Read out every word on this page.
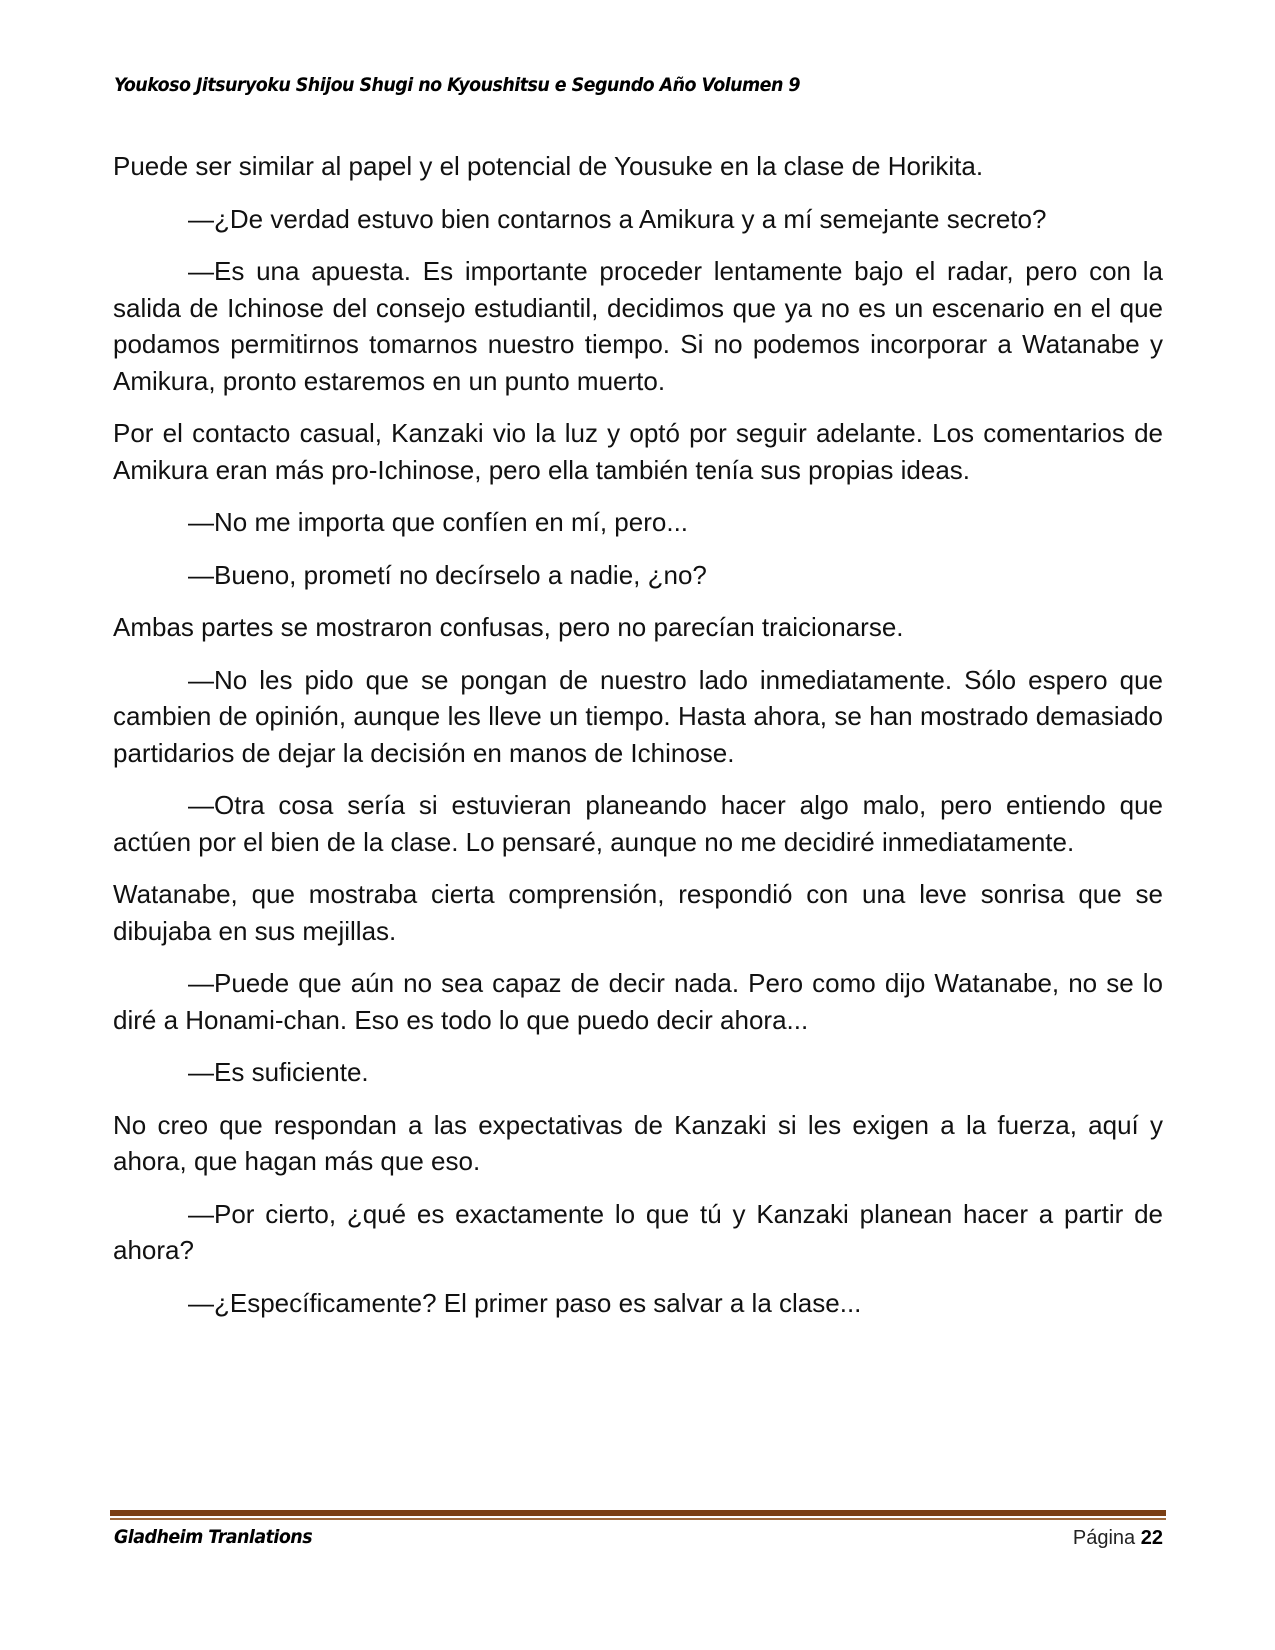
Youkoso Jitsuryoku Shijou Shugi no Kyoushitsu e Segundo Año Volumen 9

Puede ser similar al papel y el potencial de Yousuke en la clase de Horikita.

—¿De verdad estuvo bien contarnos a Amikura y a mí semejante secreto?

—Es una apuesta. Es importante proceder lentamente bajo el radar, pero con la salida de Ichinose del consejo estudiantil, decidimos que ya no es un escenario en el que podamos permitirnos tomarnos nuestro tiempo. Si no podemos incorporar a Watanabe y Amikura, pronto estaremos en un punto muerto.

Por el contacto casual, Kanzaki vio la luz y optó por seguir adelante. Los comentarios de Amikura eran más pro-Ichinose, pero ella también tenía sus propias ideas.

—No me importa que confíen en mí, pero...

—Bueno, prometí no decírselo a nadie, ¿no?

Ambas partes se mostraron confusas, pero no parecían traicionarse.

—No les pido que se pongan de nuestro lado inmediatamente. Sólo espero que cambien de opinión, aunque les lleve un tiempo. Hasta ahora, se han mostrado demasiado partidarios de dejar la decisión en manos de Ichinose.

—Otra cosa sería si estuvieran planeando hacer algo malo, pero entiendo que actúen por el bien de la clase. Lo pensaré, aunque no me decidiré inmediatamente.

Watanabe, que mostraba cierta comprensión, respondió con una leve sonrisa que se dibujaba en sus mejillas.

—Puede que aún no sea capaz de decir nada. Pero como dijo Watanabe, no se lo diré a Honami-chan. Eso es todo lo que puedo decir ahora...

—Es suficiente.

No creo que respondan a las expectativas de Kanzaki si les exigen a la fuerza, aquí y ahora, que hagan más que eso.

—Por cierto, ¿qué es exactamente lo que tú y Kanzaki planean hacer a partir de ahora?

—¿Específicamente? El primer paso es salvar a la clase...

Gladheim Tranlations	Página 22
